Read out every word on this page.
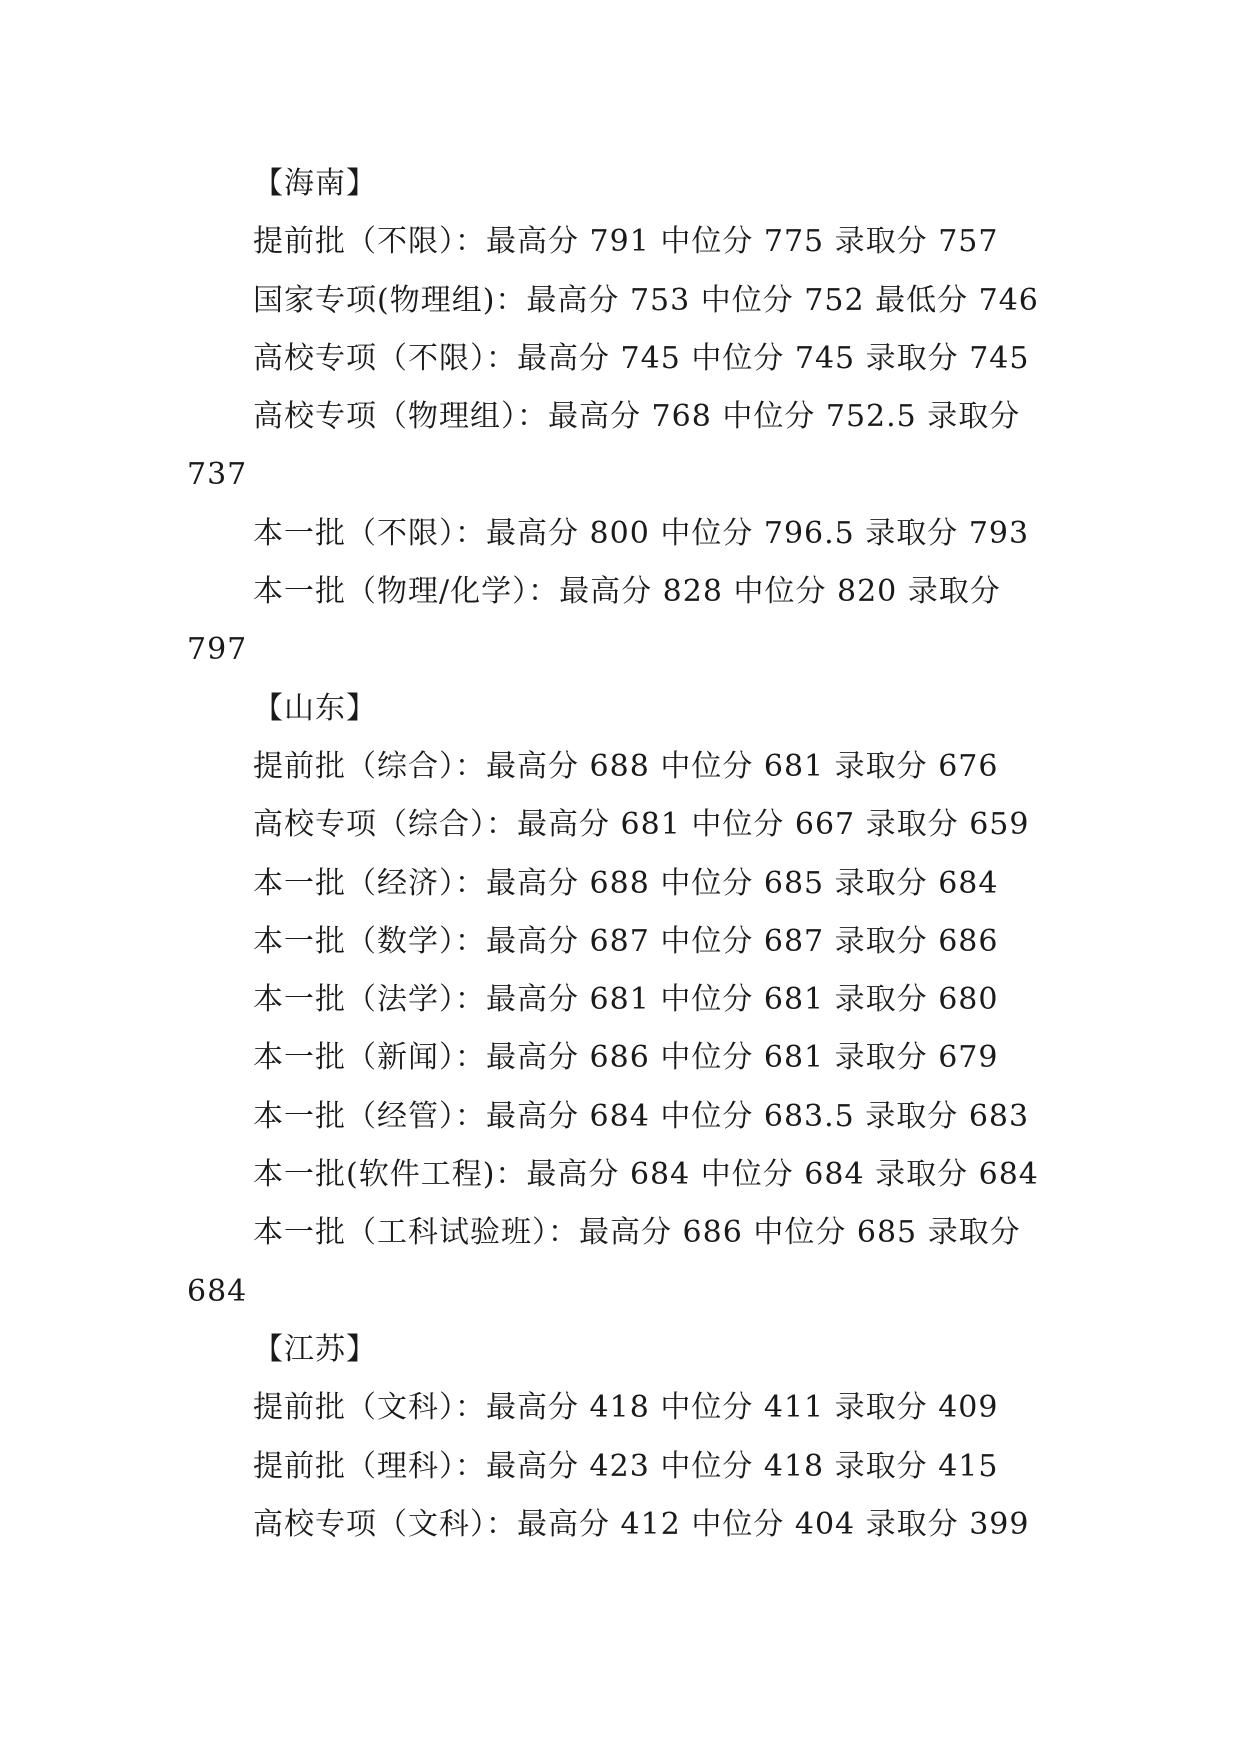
【海南】
提前批（不限）：最高分 791 中位分 775 录取分 757
国家专项(物理组)：最高分 753 中位分 752 最低分 746
高校专项（不限）：最高分 745 中位分 745 录取分 745
高校专项（物理组）：最高分 768 中位分 752.5 录取分
737
本一批（不限）：最高分 800 中位分 796.5 录取分 793
本一批（物理/化学）：最高分 828 中位分 820 录取分
797
【山东】
提前批（综合）：最高分 688 中位分 681 录取分 676
高校专项（综合）：最高分 681 中位分 667 录取分 659
本一批（经济）：最高分 688 中位分 685 录取分 684
本一批（数学）：最高分 687 中位分 687 录取分 686
本一批（法学）：最高分 681 中位分 681 录取分 680
本一批（新闻）：最高分 686 中位分 681 录取分 679
本一批（经管）：最高分 684 中位分 683.5 录取分 683
本一批(软件工程)：最高分 684 中位分 684 录取分 684
本一批（工科试验班）：最高分 686 中位分 685 录取分
684
【江苏】
提前批（文科）：最高分 418 中位分 411 录取分 409
提前批（理科）：最高分 423 中位分 418 录取分 415
高校专项（文科）：最高分 412 中位分 404 录取分 399
